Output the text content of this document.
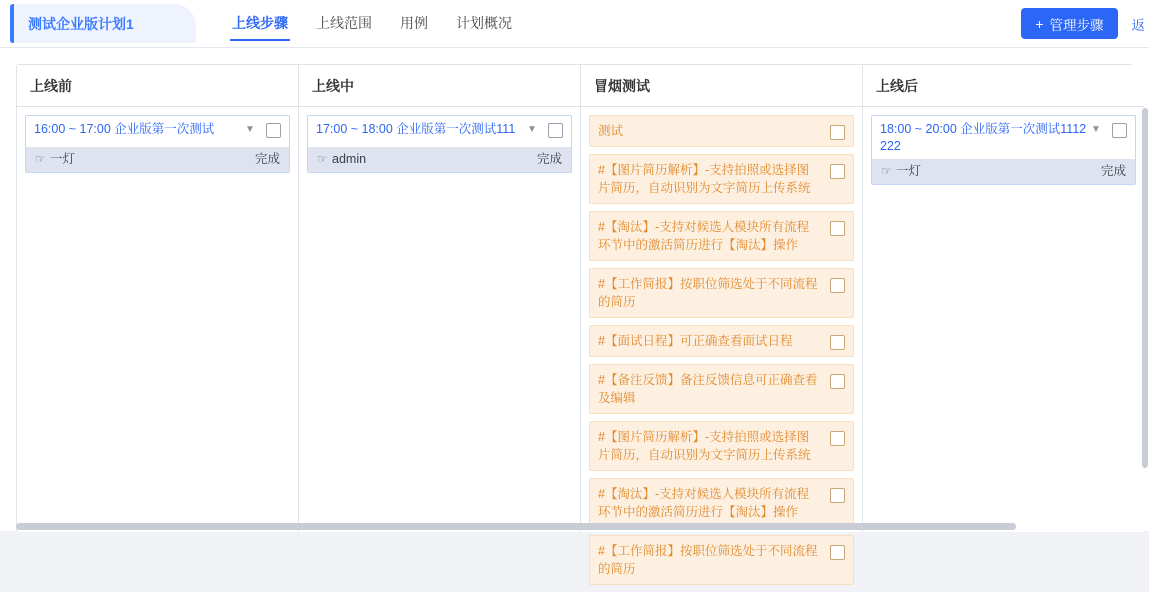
测试企业版计划1	上线步骤	上线范围	用例	计划概况	+ 管理步骤 返
上线前
16:00 ~ 17:00 企业版第一次测试	▼
☞ 一灯	完成
上线中
17:00 ~ 18:00 企业版第一次测试111	▼
☞ admin	完成
冒烟测试
测试
#【图片简历解析】-支持拍照或选择图片简历，自动识别为文字简历上传系统
#【淘汰】-支持对候选人模块所有流程环节中的激活简历进行【淘汰】操作
#【工作简报】按职位筛选处于不同流程的简历
#【面试日程】可正确查看面试日程
#【备注反馈】备注反馈信息可正确查看及编辑
#【图片简历解析】-支持拍照或选择图片简历，自动识别为文字简历上传系统
#【淘汰】-支持对候选人模块所有流程环节中的激活简历进行【淘汰】操作
#【工作简报】按职位筛选处于不同流程的简历
上线后
18:00 ~ 20:00 企业版第一次测试1112222
▼
☞ 一灯	完成
